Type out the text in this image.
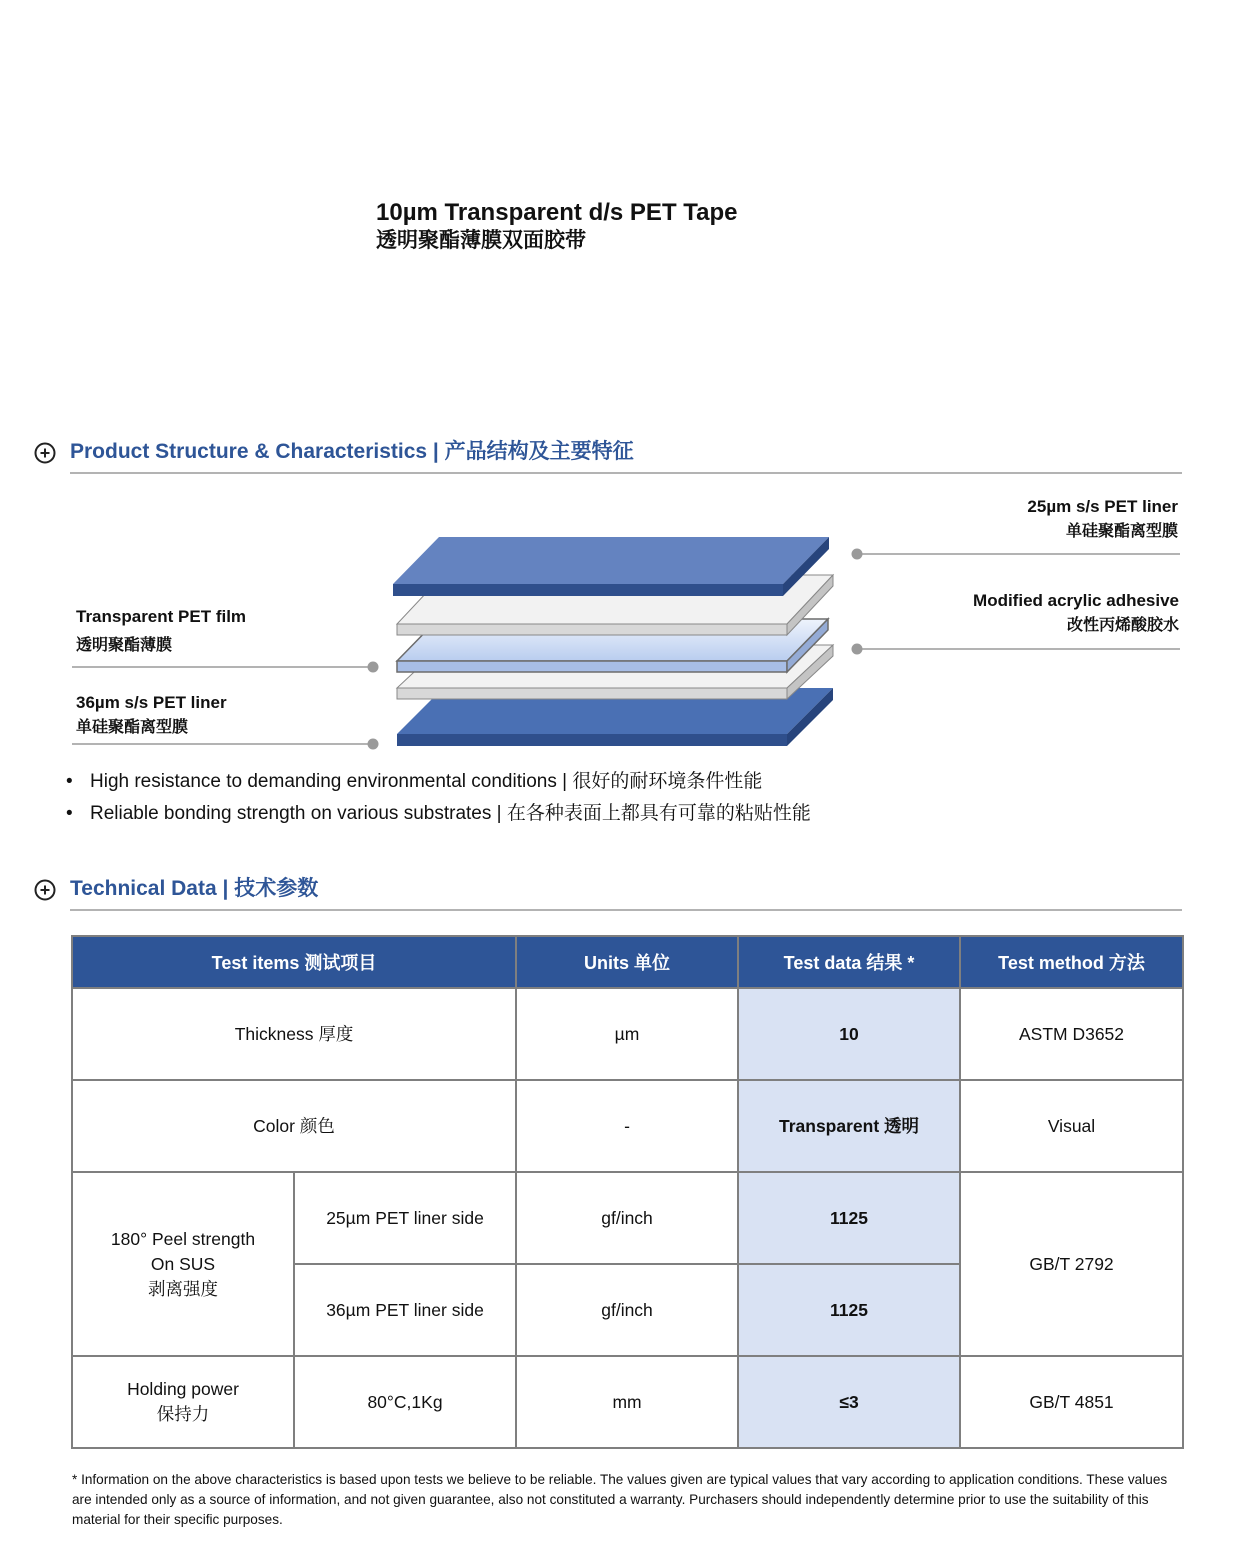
10µm Transparent d/s PET Tape
透明聚酯薄膜双面胶带
Product Structure & Characteristics | 产品结构及主要特征
25µm s/s PET liner
单硅聚酯离型膜
Modified acrylic adhesive
改性丙烯酸胶水
Transparent PET film
透明聚酯薄膜
36µm s/s PET liner
单硅聚酯离型膜
• High resistance to demanding environmental conditions | 很好的耐环境条件性能
• Reliable bonding strength on various substrates | 在各种表面上都具有可靠的粘贴性能
Technical Data | 技术参数
Test items 测试项目		Units 单位	Test data 结果 *	Test method 方法
Thickness 厚度		µm	10	ASTM D3652
Color 颜色		-	Transparent 透明	Visual

180° Peel strength
On SUS
剥离强度	25µm PET liner side	gf/inch	1125	GB/T 2792
	36µm PET liner side	gf/inch	1125	

Holding power
保持力	80°C,1Kg	mm	≤3	GB/T 4851
* Information on the above characteristics is based upon tests we believe to be reliable. The values given are typical values that vary according to application conditions. These values are intended only as a source of information, and not given guarantee, also not constituted a warranty. Purchasers should independently determine prior to use the suitability of this material for their specific purposes.
